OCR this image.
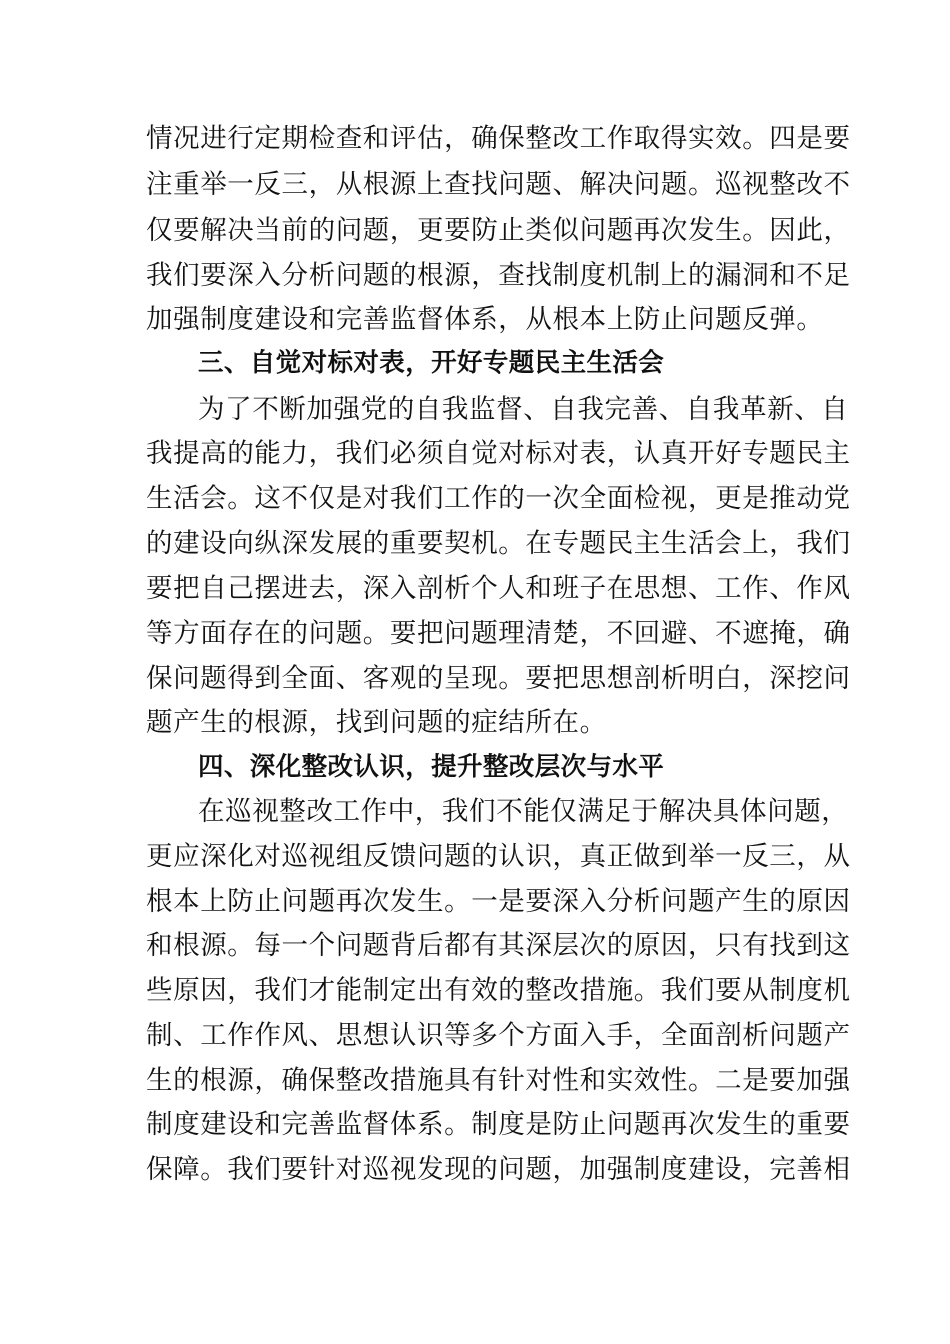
情况进行定期检查和评估，确保整改工作取得实效。四是要
注重举一反三，从根源上查找问题、解决问题。巡视整改不
仅要解决当前的问题，更要防止类似问题再次发生。因此，
我们要深入分析问题的根源，查找制度机制上的漏洞和不足
加强制度建设和完善监督体系，从根本上防止问题反弹。
三、自觉对标对表，开好专题民主生活会
为了不断加强党的自我监督、自我完善、自我革新、自
我提高的能力，我们必须自觉对标对表，认真开好专题民主
生活会。这不仅是对我们工作的一次全面检视，更是推动党
的建设向纵深发展的重要契机。在专题民主生活会上，我们
要把自己摆进去，深入剖析个人和班子在思想、工作、作风
等方面存在的问题。要把问题理清楚，不回避、不遮掩，确
保问题得到全面、客观的呈现。要把思想剖析明白，深挖问
题产生的根源，找到问题的症结所在。
四、深化整改认识，提升整改层次与水平
在巡视整改工作中，我们不能仅满足于解决具体问题，
更应深化对巡视组反馈问题的认识，真正做到举一反三，从
根本上防止问题再次发生。一是要深入分析问题产生的原因
和根源。每一个问题背后都有其深层次的原因，只有找到这
些原因，我们才能制定出有效的整改措施。我们要从制度机
制、工作作风、思想认识等多个方面入手，全面剖析问题产
生的根源，确保整改措施具有针对性和实效性。二是要加强
制度建设和完善监督体系。制度是防止问题再次发生的重要
保障。我们要针对巡视发现的问题，加强制度建设，完善相
